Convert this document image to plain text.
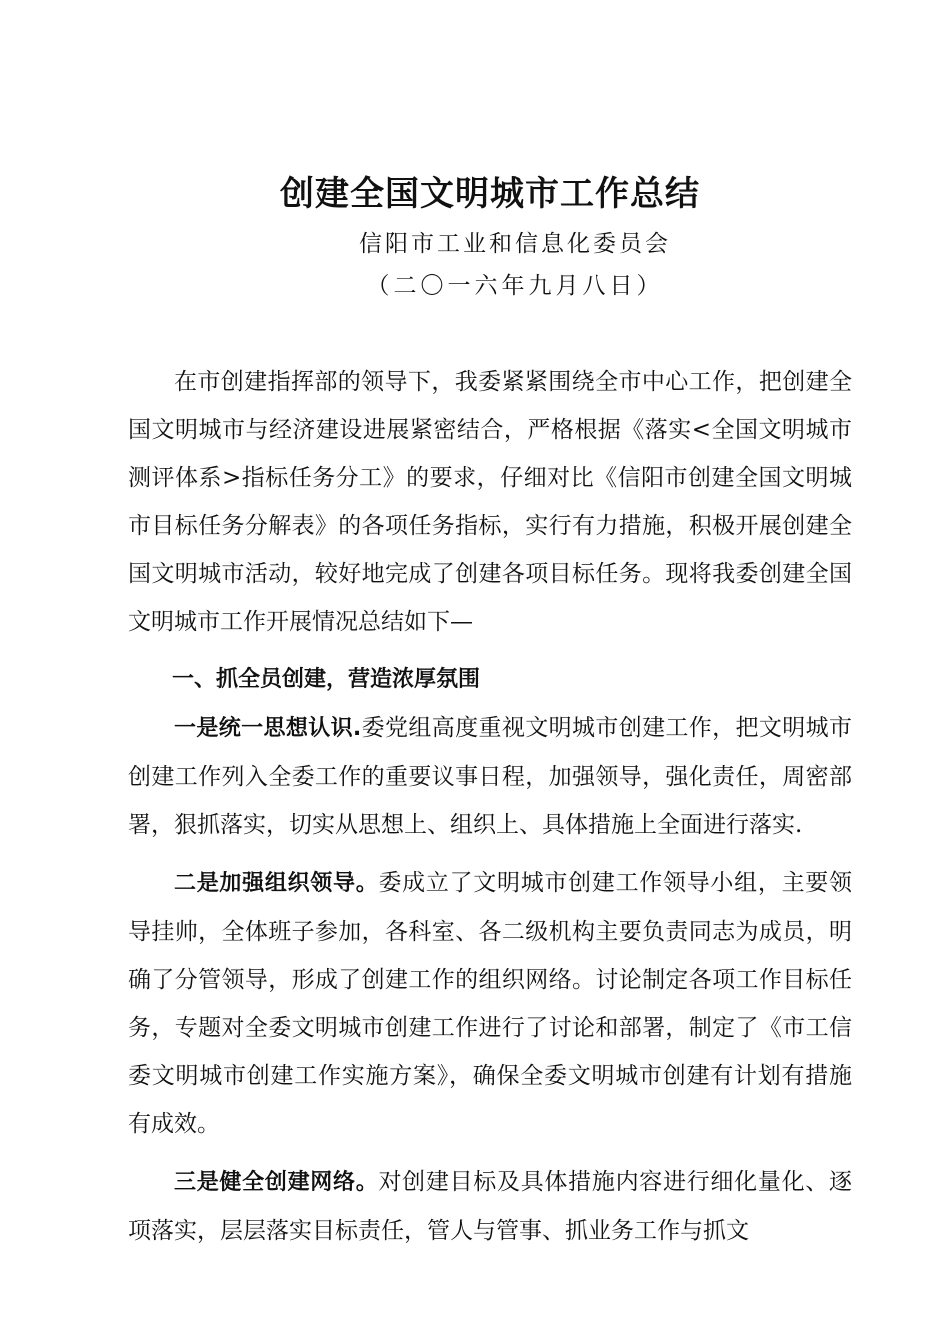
创建全国文明城市工作总结
信阳市工业和信息化委员会
（二〇一六年九月八日）

在市创建指挥部的领导下，我委紧紧围绕全市中心工作，把创建全国文明城市与经济建设进展紧密结合，严格根据《落实<全国文明城市测评体系>指标任务分工》的要求，仔细对比《信阳市创建全国文明城市目标任务分解表》的各项任务指标，实行有力措施，积极开展创建全国文明城市活动，较好地完成了创建各项目标任务。现将我委创建全国文明城市工作开展情况总结如下—

一、抓全员创建，营造浓厚氛围

一是统一思想认识.委党组高度重视文明城市创建工作，把文明城市创建工作列入全委工作的重要议事日程，加强领导，强化责任，周密部署，狠抓落实，切实从思想上、组织上、具体措施上全面进行落实.

二是加强组织领导。委成立了文明城市创建工作领导小组，主要领导挂帅，全体班子参加，各科室、各二级机构主要负责同志为成员，明确了分管领导，形成了创建工作的组织网络。讨论制定各项工作目标任务，专题对全委文明城市创建工作进行了讨论和部署，制定了《市工信委文明城市创建工作实施方案》，确保全委文明城市创建有计划有措施有成效。

三是健全创建网络。对创建目标及具体措施内容进行细化量化、逐项落实，层层落实目标责任，管人与管事、抓业务工作与抓文
